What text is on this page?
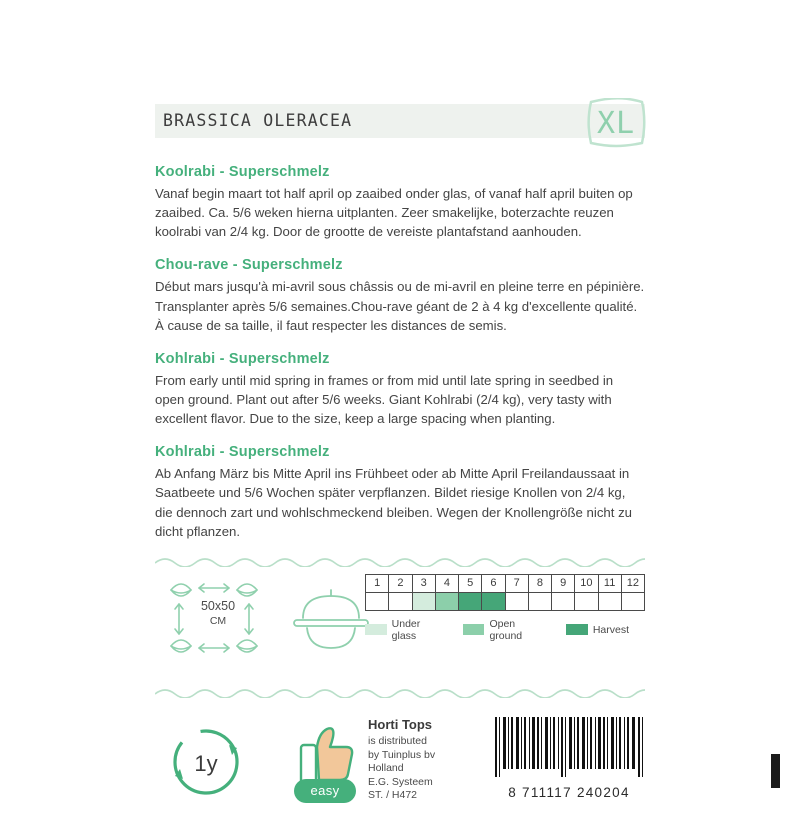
BRASSICA OLERACEA	XL
Koolrabi - Superschmelz
Vanaf begin maart tot half april op zaaibed onder glas, of vanaf half april buiten op zaaibed. Ca. 5/6 weken hierna uitplanten. Zeer smakelijke, boterzachte reuzen koolrabi van 2/4 kg. Door de grootte de vereiste plantafstand aanhouden.
Chou-rave - Superschmelz
Début mars jusqu'à mi-avril sous châssis ou de mi-avril en pleine terre en pépinière. Transplanter après 5/6 semaines.Chou-rave géant de 2 à 4 kg d'excellente qualité. À cause de sa taille, il faut respecter les distances de semis.
Kohlrabi - Superschmelz
From early until mid spring in frames or from mid until late spring in seedbed in open ground. Plant out after 5/6 weeks. Giant Kohlrabi (2/4 kg), very tasty with excellent flavor. Due to the size, keep a large spacing when planting.
Kohlrabi - Superschmelz
Ab Anfang März bis Mitte April ins Frühbeet oder ab Mitte April Freilandaussaat in Saatbeete und 5/6 Wochen später verpflanzen. Bildet riesige Knollen von 2/4 kg, die dennoch zart und wohlschmeckend bleiben. Wegen der Knollengröße nicht zu dicht pflanzen.
50x50
CM
1	2	3	4	5	6	7	8	9	10	11	12

Under glass
Open ground	Harvest
1y
easy
Horti Tops
is distributed
by Tuinplus bv
Holland
E.G. Systeem
ST. / H472	8 711117 240204
